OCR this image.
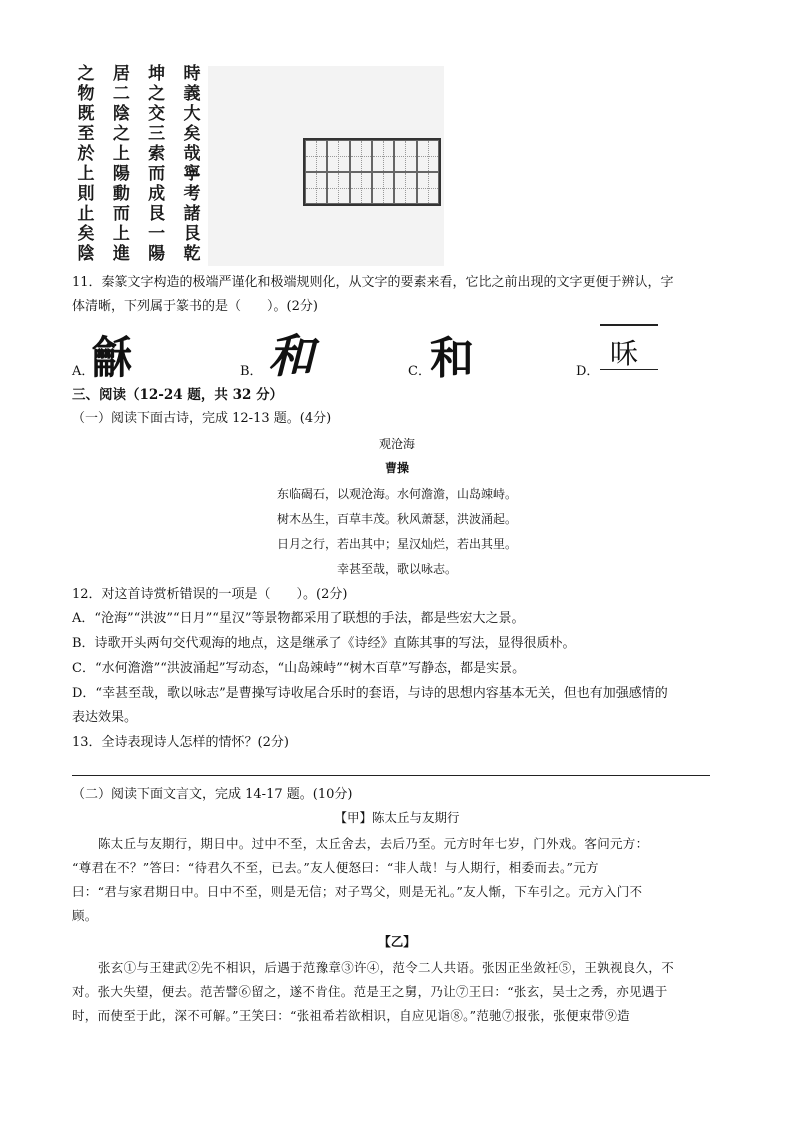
時
義
大
矣
哉
寧
考
諸
艮
乾
坤
之
交
三
索
而
成
艮
一
陽
居
二
陰
之
上
陽
動
而
上
進
之
物
既
至
於
上
則
止
矣
陰
11．秦篆文字构造的极端严谨化和极端规则化，从文字的要素来看，它比之前出现的文字更便于辨认，字
体清晰，下列属于篆书的是（　　）。(2分)
A．
龢	B． 和	C． 和	D．
咊
三、阅读（12-24 题，共 32 分）
（一）阅读下面古诗，完成 12-13 题。(4分)
观沧海
曹操
东临碣石，以观沧海。水何澹澹，山岛竦峙。
树木丛生，百草丰茂。秋风萧瑟，洪波涌起。
日月之行，若出其中；星汉灿烂，若出其里。
幸甚至哉，歌以咏志。
12．对这首诗赏析错误的一项是（　　）。(2分)
A．“沧海”“洪波”“日月”“星汉”等景物都采用了联想的手法，都是些宏大之景。
B．诗歌开头两句交代观海的地点，这是继承了《诗经》直陈其事的写法，显得很质朴。
C．“水何澹澹”“洪波涌起”写动态，“山岛竦峙”“树木百草”写静态，都是实景。
D．“幸甚至哉，歌以咏志”是曹操写诗收尾合乐时的套语，与诗的思想内容基本无关，但也有加强感情的
表达效果。
13．全诗表现诗人怎样的情怀？(2分)
（二）阅读下面文言文，完成 14-17 题。(10分)
【甲】陈太丘与友期行
陈太丘与友期行，期日中。过中不至，太丘舍去，去后乃至。元方时年七岁，门外戏。客问元方：
“尊君在不？”答曰：“待君久不至，已去。”友人便怒曰：“非人哉！与人期行，相委而去。”元方
曰：“君与家君期日中。日中不至，则是无信；对子骂父，则是无礼。”友人惭，下车引之。元方入门不
顾。
【乙】
张玄①与王建武②先不相识，后遇于范豫章③许④，范令二人共语。张因正坐敛衽⑤，王孰视良久，不
对。张大失望，便去。范苦譬⑥留之，遂不肯住。范是王之舅，乃让⑦王曰：“张玄，吴士之秀，亦见遇于
时，而使至于此，深不可解。”王笑曰：“张祖希若欲相识，自应见诣⑧。”范驰⑦报张，张便束带⑨造
